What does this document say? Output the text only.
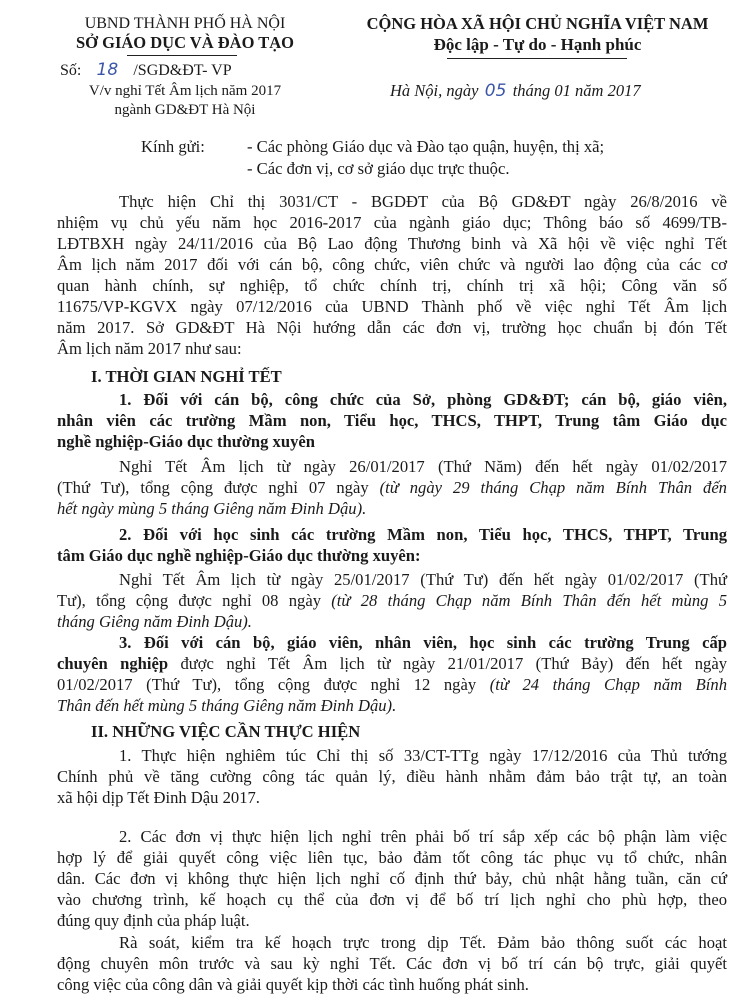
UBND THÀNH PHỐ HÀ NỘI
SỞ GIÁO DỤC VÀ ĐÀO TẠO
Số: 18 /SGD&ĐT- VP
V/v nghỉ Tết Âm lịch năm 2017
ngành GD&ĐT Hà Nội
CỘNG HÒA XÃ HỘI CHỦ NGHĨA VIỆT NAM
Độc lập - Tự do - Hạnh phúc
Hà Nội, ngày 05 tháng 01 năm 2017
Kính gửi:	- Các phòng Giáo dục và Đào tạo quận, huyện, thị xã;
- Các đơn vị, cơ sở giáo dục trực thuộc.
Thực hiện Chỉ thị 3031/CT - BGDĐT của Bộ GD&ĐT ngày 26/8/2016 về
nhiệm vụ chủ yếu năm học 2016-2017 của ngành giáo dục; Thông báo số 4699/TB-
LĐTBXH ngày 24/11/2016 của Bộ Lao động Thương binh và Xã hội về việc nghỉ Tết
Âm lịch năm 2017 đối với cán bộ, công chức, viên chức và người lao động của các cơ
quan hành chính, sự nghiệp, tổ chức chính trị, chính trị xã hội; Công văn số
11675/VP-KGVX ngày 07/12/2016 của UBND Thành phố về việc nghỉ Tết Âm lịch
năm 2017. Sở GD&ĐT Hà Nội hướng dẫn các đơn vị, trường học chuẩn bị đón Tết
Âm lịch năm 2017 như sau:
I. THỜI GIAN NGHỈ TẾT
1. Đối với cán bộ, công chức của Sở, phòng GD&ĐT; cán bộ, giáo viên,
nhân viên các trường Mầm non, Tiểu học, THCS, THPT, Trung tâm Giáo dục
nghề nghiệp-Giáo dục thường xuyên
Nghỉ Tết Âm lịch từ ngày 26/01/2017 (Thứ Năm) đến hết ngày 01/02/2017
(Thứ Tư), tổng cộng được nghỉ 07 ngày (từ ngày 29 tháng Chạp năm Bính Thân đến
hết ngày mùng 5 tháng Giêng năm Đinh Dậu).
2. Đối với học sinh các trường Mầm non, Tiểu học, THCS, THPT, Trung
tâm Giáo dục nghề nghiệp-Giáo dục thường xuyên:
Nghỉ Tết Âm lịch từ ngày 25/01/2017 (Thứ Tư) đến hết ngày 01/02/2017 (Thứ
Tư), tổng cộng được nghỉ 08 ngày (từ 28 tháng Chạp năm Bính Thân đến hết mùng 5
tháng Giêng năm Đinh Dậu).
3. Đối với cán bộ, giáo viên, nhân viên, học sinh các trường Trung cấp
chuyên nghiệp được nghỉ Tết Âm lịch từ ngày 21/01/2017 (Thứ Bảy) đến hết ngày
01/02/2017 (Thứ Tư), tổng cộng được nghỉ 12 ngày (từ 24 tháng Chạp năm Bính
Thân đến hết mùng 5 tháng Giêng năm Đinh Dậu).
II. NHỮNG VIỆC CẦN THỰC HIỆN
1. Thực hiện nghiêm túc Chỉ thị số 33/CT-TTg ngày 17/12/2016 của Thủ tướng
Chính phủ về tăng cường công tác quản lý, điều hành nhằm đảm bảo trật tự, an toàn
xã hội dịp Tết Đinh Dậu 2017.
2. Các đơn vị thực hiện lịch nghỉ trên phải bố trí sắp xếp các bộ phận làm việc
hợp lý để giải quyết công việc liên tục, bảo đảm tốt công tác phục vụ tổ chức, nhân
dân. Các đơn vị không thực hiện lịch nghỉ cố định thứ bảy, chủ nhật hằng tuần, căn cứ
vào chương trình, kế hoạch cụ thể của đơn vị để bố trí lịch nghỉ cho phù hợp, theo
đúng quy định của pháp luật.
Rà soát, kiểm tra kế hoạch trực trong dịp Tết. Đảm bảo thông suốt các hoạt
động chuyên môn trước và sau kỳ nghỉ Tết. Các đơn vị bố trí cán bộ trực, giải quyết
công việc của công dân và giải quyết kịp thời các tình huống phát sinh.
